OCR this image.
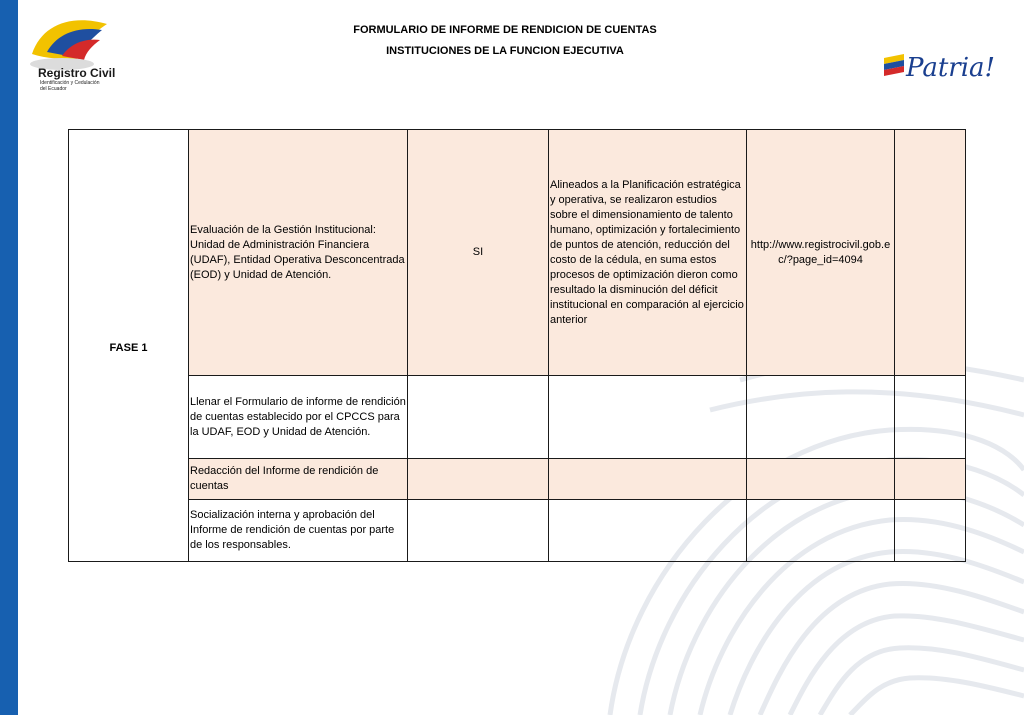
Registro Civil
Identificación y Cedulación del Ecuador
Patria!
FORMULARIO DE INFORME DE RENDICION DE CUENTAS
INSTITUCIONES DE LA FUNCION EJECUTIVA
FASE 1	Evaluación de la Gestión Institucional: Unidad de Administración Financiera (UDAF), Entidad Operativa Desconcentrada (EOD) y Unidad de Atención.	SI	Alineados a la Planificación estratégica y operativa, se realizaron estudios sobre el dimensionamiento de talento humano, optimización y fortalecimiento de puntos de atención, reducción del costo de la cédula, en suma estos procesos de optimización dieron como resultado la disminución del déficit institucional en comparación al ejercicio anterior	http://www.registrocivil.gob.ec/?page_id=4094	
	Llenar el Formulario de informe de rendición de cuentas establecido por el CPCCS para la UDAF, EOD y Unidad de Atención.				
	Redacción del Informe de rendición de cuentas				
	Socialización interna y aprobación del Informe de rendición de cuentas por parte de los responsables.				
